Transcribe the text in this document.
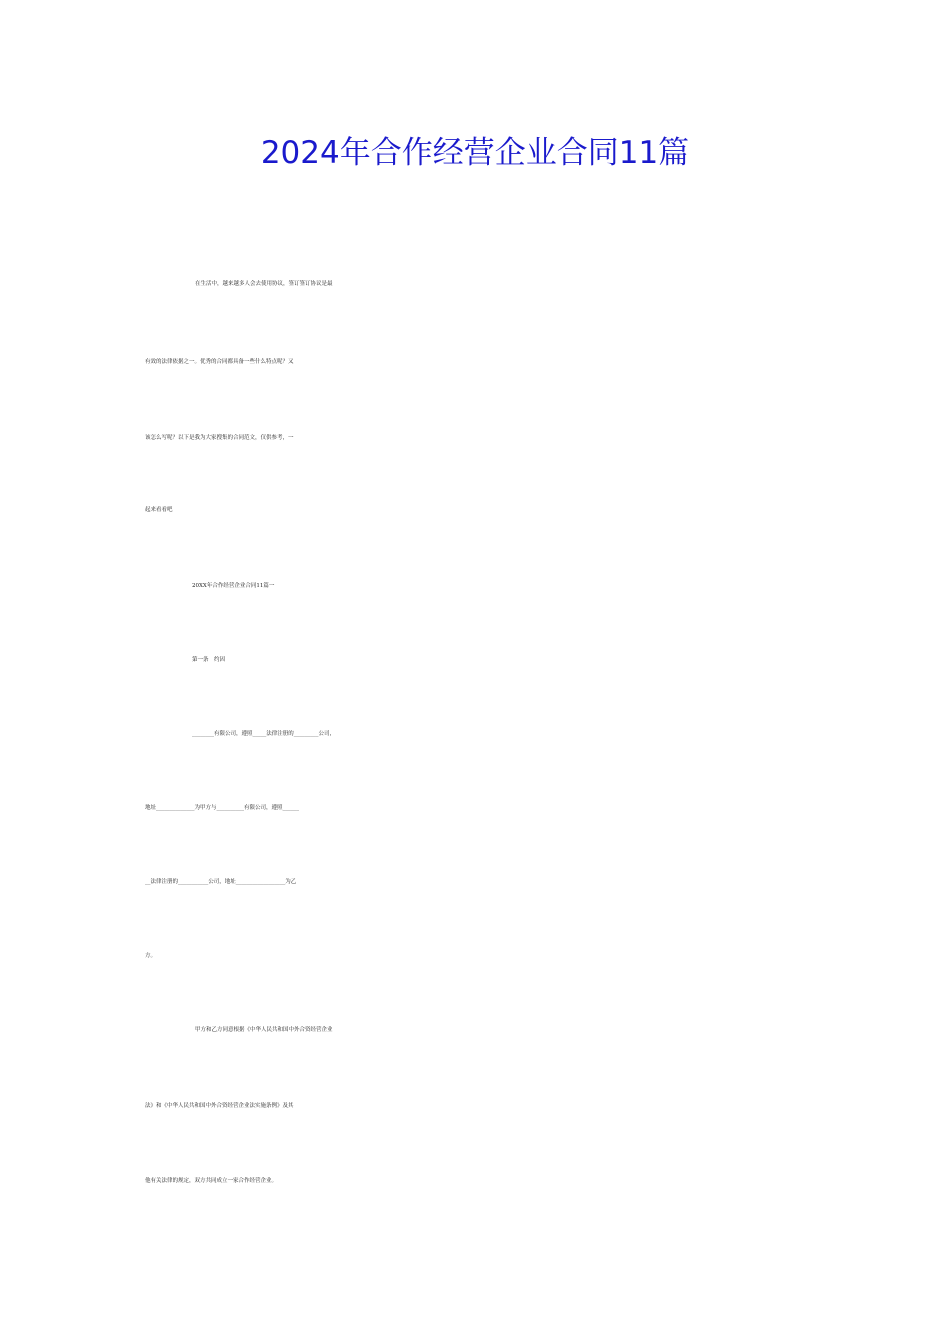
2024年合作经营企业合同11篇

在生活中，越来越多人会去使用协议，签订签订协议是最

有效的法律依据之一。优秀的合同都具备一些什么特点呢？又

该怎么写呢？以下是我为大家搜集的合同范文，仅供参考，一

起来看看吧

20XX年合作经营企业合同11篇一

第一条　约因

________有限公司，遵照_____法律注册的_________公司，

地址______________为甲方与__________有限公司，遵照______

__法律注册的___________公司，地址__________________为乙

方。

甲方和乙方同意根据《中华人民共和国中外合资经营企业

法》和《中华人民共和国中外合资经营企业法实施条例》及其

他有关法律的规定，双方共同成立一家合作经营企业。
